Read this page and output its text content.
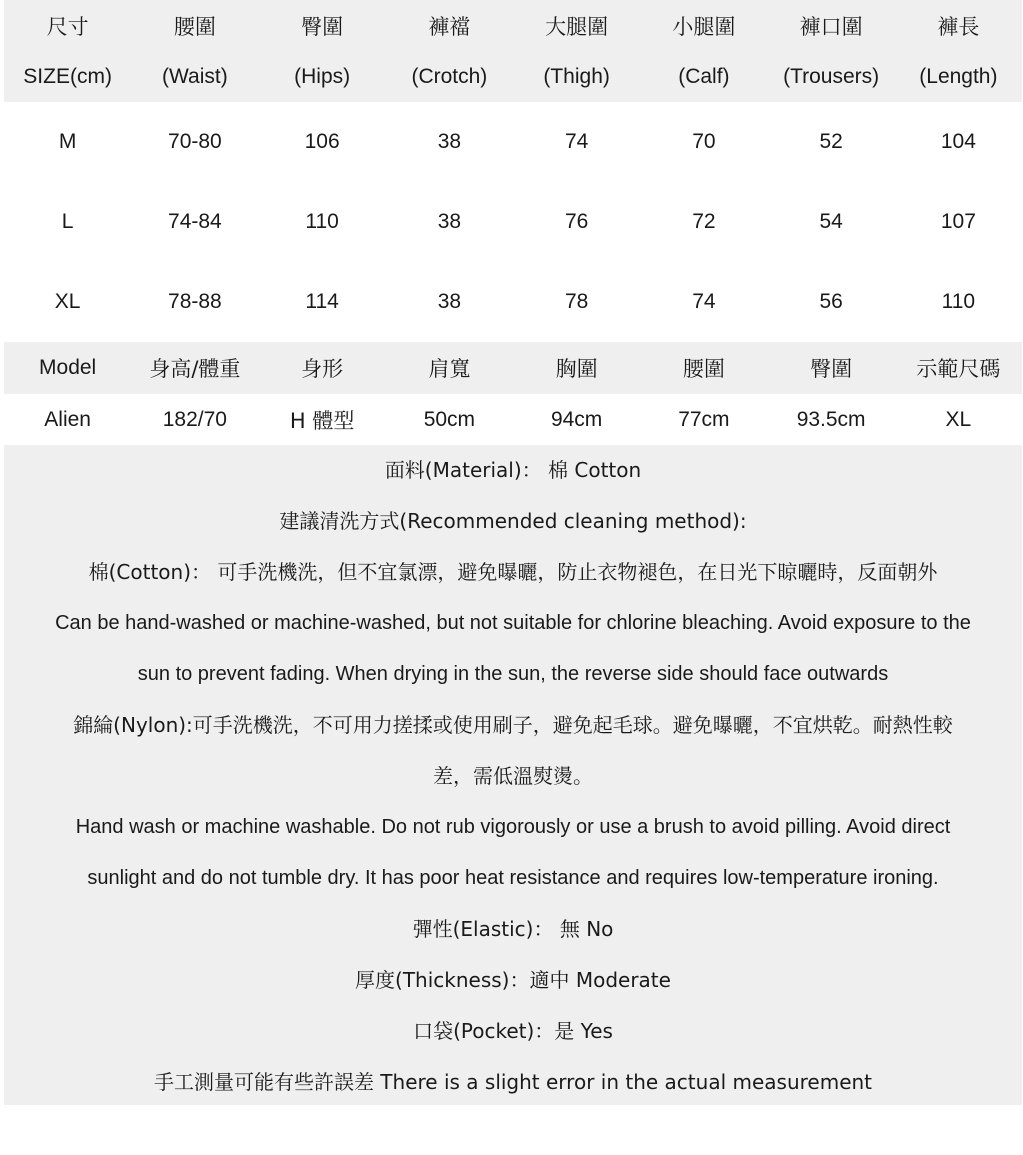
尺寸	腰圍	臀圍	褲襠	大腿圍	小腿圍	褲口圍	褲長
SIZE(cm)	(Waist)	(Hips)	(Crotch)	(Thigh)	(Calf)	(Trousers)	(Length)
M	70-80	106	38	74	70	52	104
L	74-84	110	38	76	72	54	107
XL	78-88	114	38	78	74	56	110
Model	身高/體重	身形	肩寬	胸圍	腰圍	臀圍	示範尺碼
Alien	182/70	H 體型	50cm	94cm	77cm	93.5cm	XL
面料(Material)： 棉 Cotton
建議清洗方式(Recommended cleaning method):
棉(Cotton)： 可手洗機洗，但不宜氯漂，避免曝曬，防止衣物褪色，在日光下晾曬時，反面朝外
Can be hand-washed or machine-washed, but not suitable for chlorine bleaching. Avoid exposure to the
sun to prevent fading. When drying in the sun, the reverse side should face outwards
錦綸(Nylon):可手洗機洗，不可用力搓揉或使用刷子，避免起毛球。避免曝曬，不宜烘乾。耐熱性較
差，需低溫熨燙。
Hand wash or machine washable. Do not rub vigorously or use a brush to avoid pilling. Avoid direct
sunlight and do not tumble dry. It has poor heat resistance and requires low-temperature ironing.
彈性(Elastic)： 無 No
厚度(Thickness)：適中 Moderate
口袋(Pocket)：是 Yes
手工測量可能有些許誤差 There is a slight error in the actual measurement
